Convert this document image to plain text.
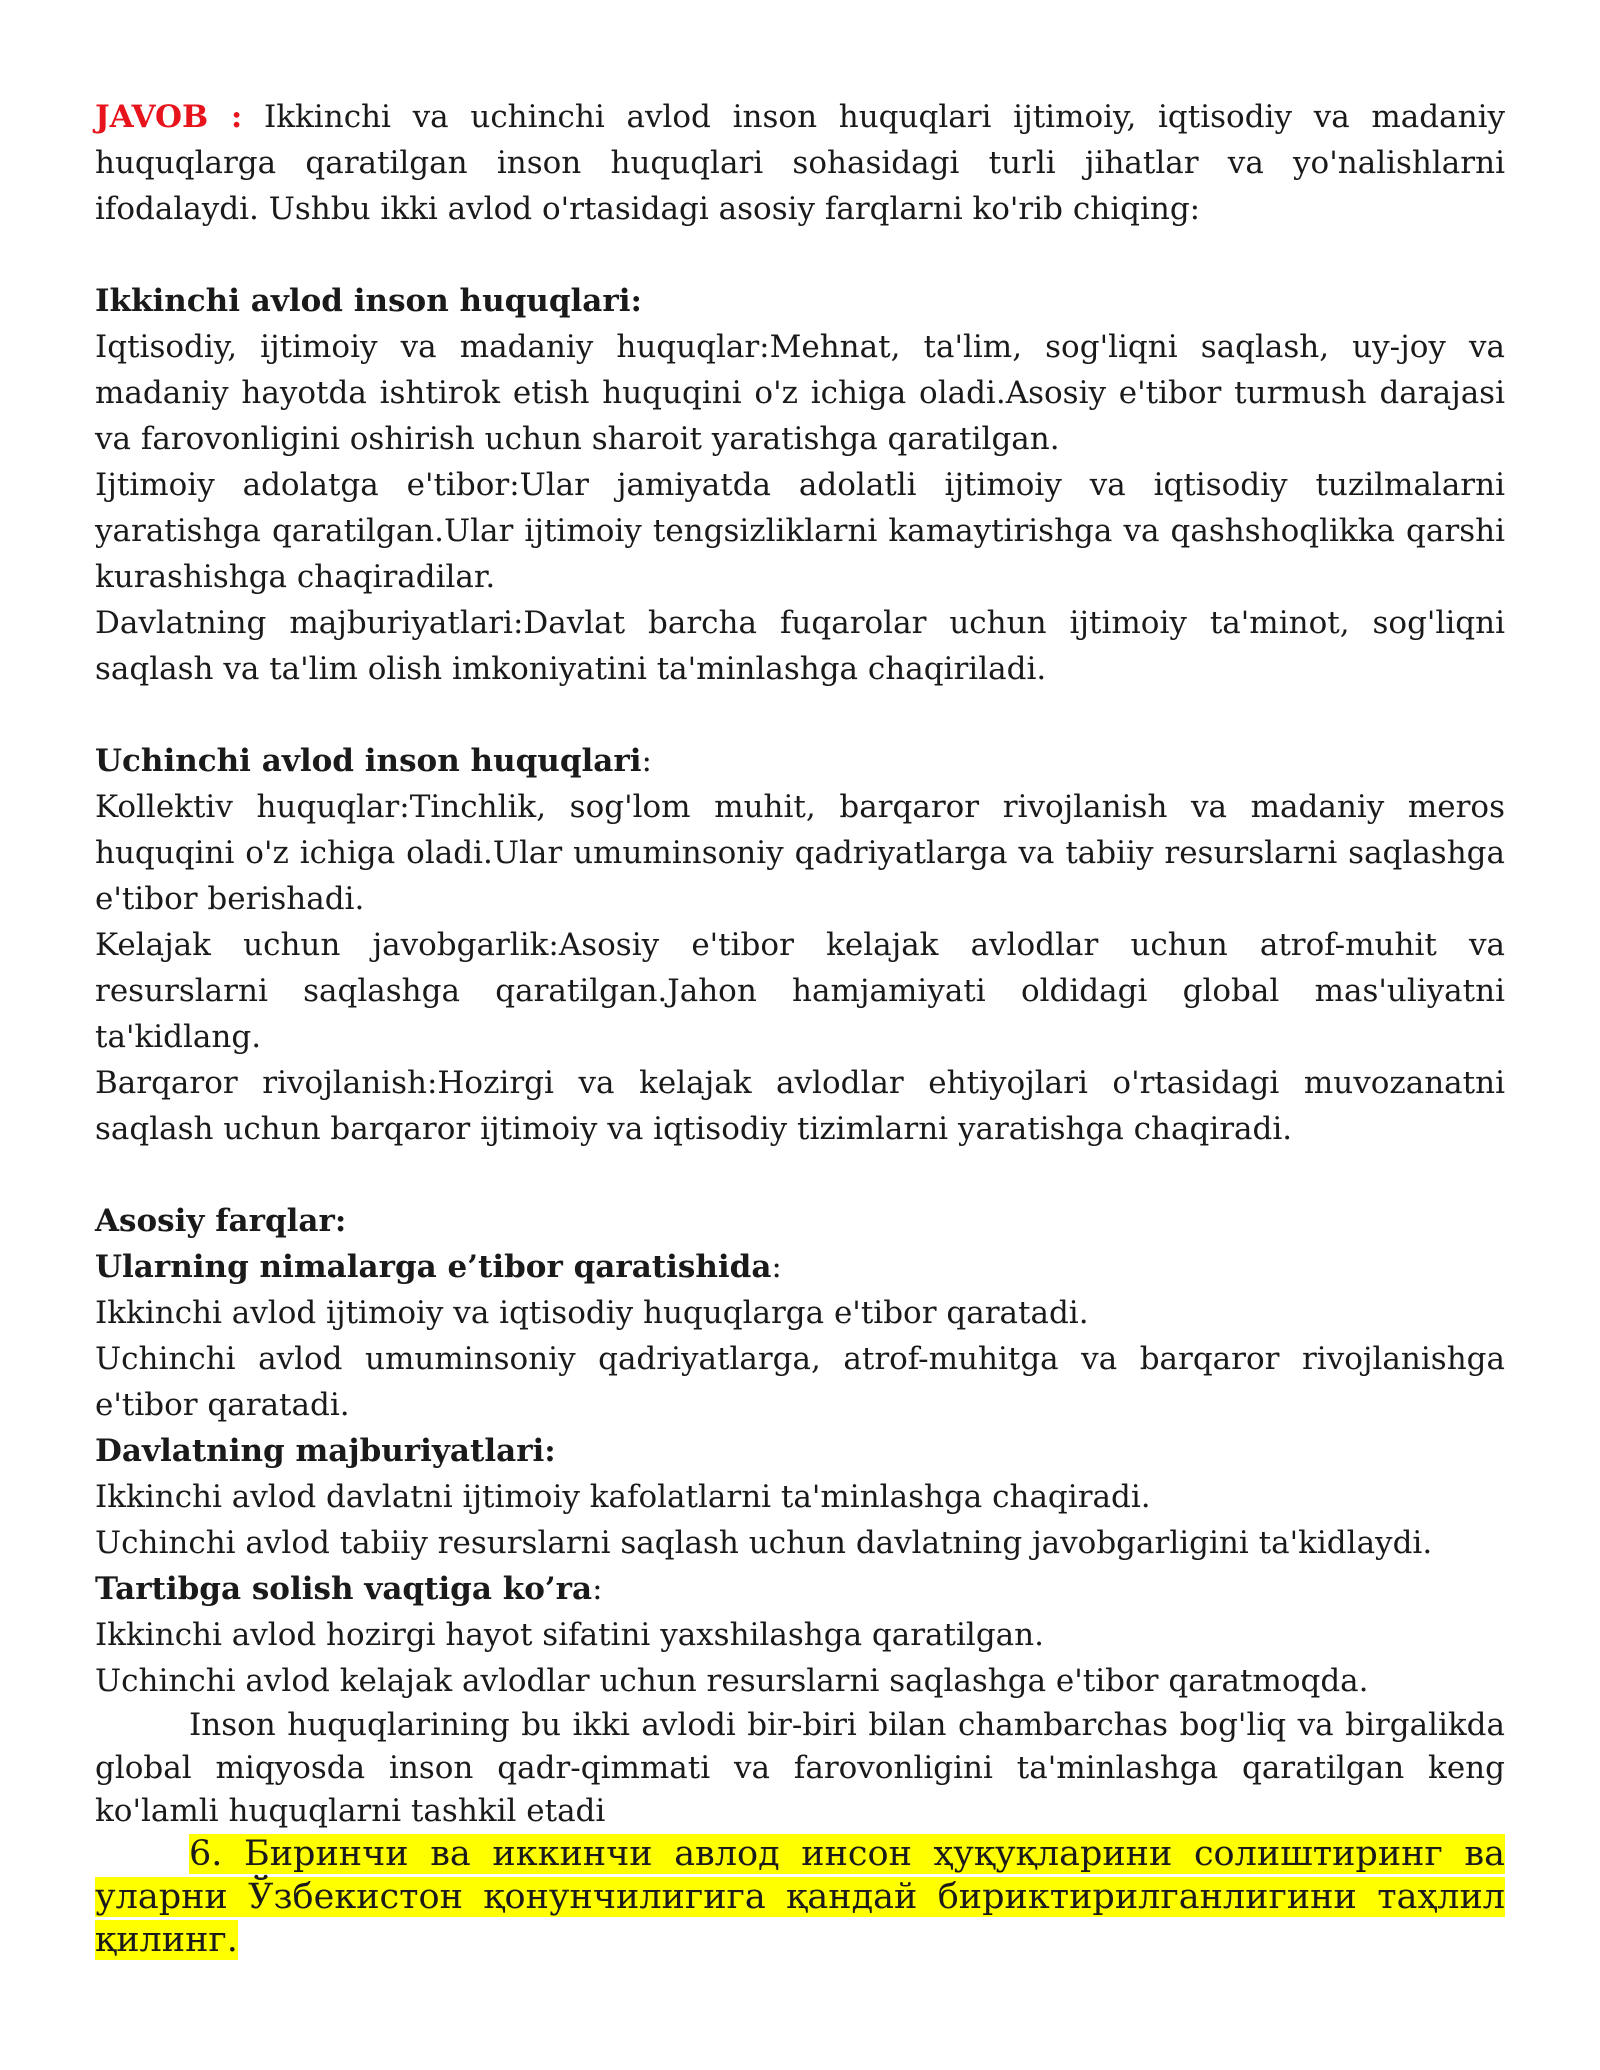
JAVOB : Ikkinchi va uchinchi avlod inson huquqlari ijtimoiy, iqtisodiy va madaniy huquqlarga qaratilgan inson huquqlari sohasidagi turli jihatlar va yo'nalishlarni ifodalaydi. Ushbu ikki avlod o'rtasidagi asosiy farqlarni ko'rib chiqing:

Ikkinchi avlod inson huquqlari:

Iqtisodiy, ijtimoiy va madaniy huquqlar:Mehnat, ta'lim, sog'liqni saqlash, uy-joy va madaniy hayotda ishtirok etish huquqini o'z ichiga oladi.Asosiy e'tibor turmush darajasi va farovonligini oshirish uchun sharoit yaratishga qaratilgan.

Ijtimoiy adolatga e'tibor:Ular jamiyatda adolatli ijtimoiy va iqtisodiy tuzilmalarni yaratishga qaratilgan.Ular ijtimoiy tengsizliklarni kamaytirishga va qashshoqlikka qarshi kurashishga chaqiradilar.

Davlatning majburiyatlari:Davlat barcha fuqarolar uchun ijtimoiy ta'minot, sog'liqni saqlash va ta'lim olish imkoniyatini ta'minlashga chaqiriladi.

Uchinchi avlod inson huquqlari:

Kollektiv huquqlar:Tinchlik, sog'lom muhit, barqaror rivojlanish va madaniy meros huquqini o'z ichiga oladi.Ular umuminsoniy qadriyatlarga va tabiiy resurslarni saqlashga e'tibor berishadi.

Kelajak uchun javobgarlik:Asosiy e'tibor kelajak avlodlar uchun atrof-muhit va resurslarni saqlashga qaratilgan.Jahon hamjamiyati oldidagi global mas'uliyatni ta'kidlang.

Barqaror rivojlanish:Hozirgi va kelajak avlodlar ehtiyojlari o'rtasidagi muvozanatni saqlash uchun barqaror ijtimoiy va iqtisodiy tizimlarni yaratishga chaqiradi.

Asosiy farqlar:

Ularning nimalarga e’tibor qaratishida:

Ikkinchi avlod ijtimoiy va iqtisodiy huquqlarga e'tibor qaratadi.

Uchinchi avlod umuminsoniy qadriyatlarga, atrof-muhitga va barqaror rivojlanishga e'tibor qaratadi.

Davlatning majburiyatlari:

Ikkinchi avlod davlatni ijtimoiy kafolatlarni ta'minlashga chaqiradi.

Uchinchi avlod tabiiy resurslarni saqlash uchun davlatning javobgarligini ta'kidlaydi.

Tartibga solish vaqtiga ko’ra:

Ikkinchi avlod hozirgi hayot sifatini yaxshilashga qaratilgan.

Uchinchi avlod kelajak avlodlar uchun resurslarni saqlashga e'tibor qaratmoqda.

Inson huquqlarining bu ikki avlodi bir-biri bilan chambarchas bog'liq va birgalikda global miqyosda inson qadr-qimmati va farovonligini ta'minlashga qaratilgan keng ko'lamli huquqlarni tashkil etadi

6. Биринчи ва иккинчи авлод инсон ҳуқуқларини солиштиринг ва уларни Ўзбекистон қонунчилигига қандай бириктирилганлигини таҳлил қилинг.
